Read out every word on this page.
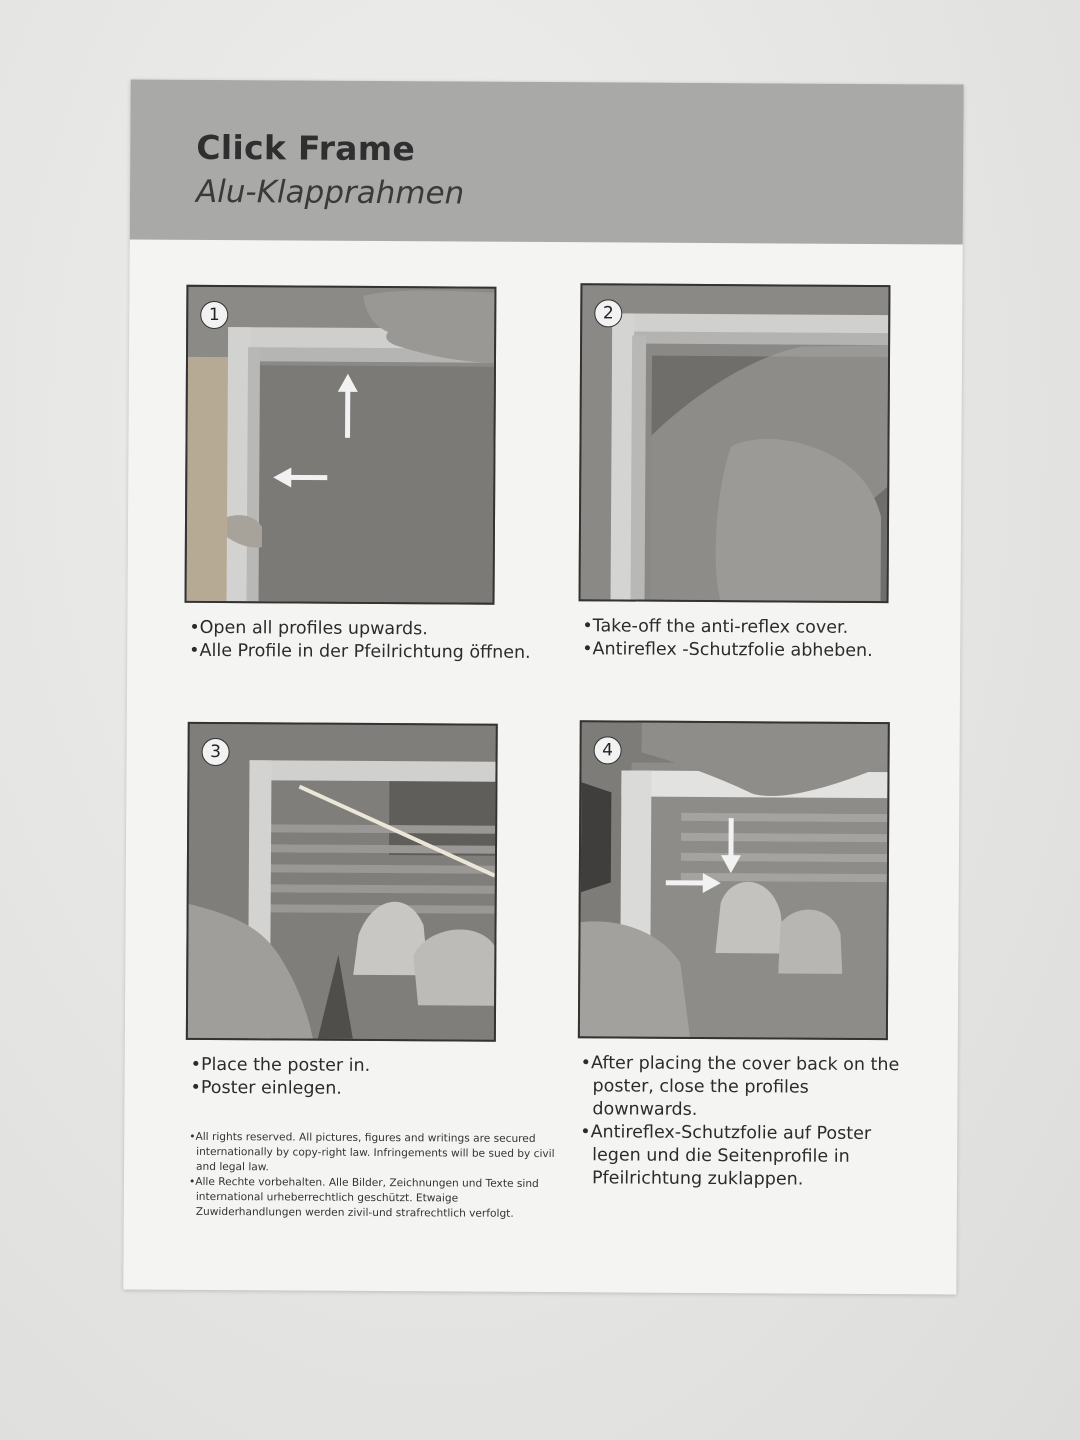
Click Frame
Alu-Klapprahmen
1	2
3	4
•Open all profiles upwards.
•Alle Profile in der Pfeilrichtung öffnen.
•Take-off the anti-reflex cover.
•Antireflex -Schutzfolie abheben.
•Place the poster in.
•Poster einlegen.
•After placing the cover back on the poster, close the profiles downwards.
•Antireflex-Schutzfolie auf Poster legen und die Seitenprofile in Pfeilrichtung zuklappen.
•All rights reserved. All pictures, figures and writings are secured internationally by copy-right law. Infringements will be sued by civil and legal law.
•Alle Rechte vorbehalten. Alle Bilder, Zeichnungen und Texte sind international urheberrechtlich geschützt. Etwaige Zuwiderhandlungen werden zivil-und strafrechtlich verfolgt.
